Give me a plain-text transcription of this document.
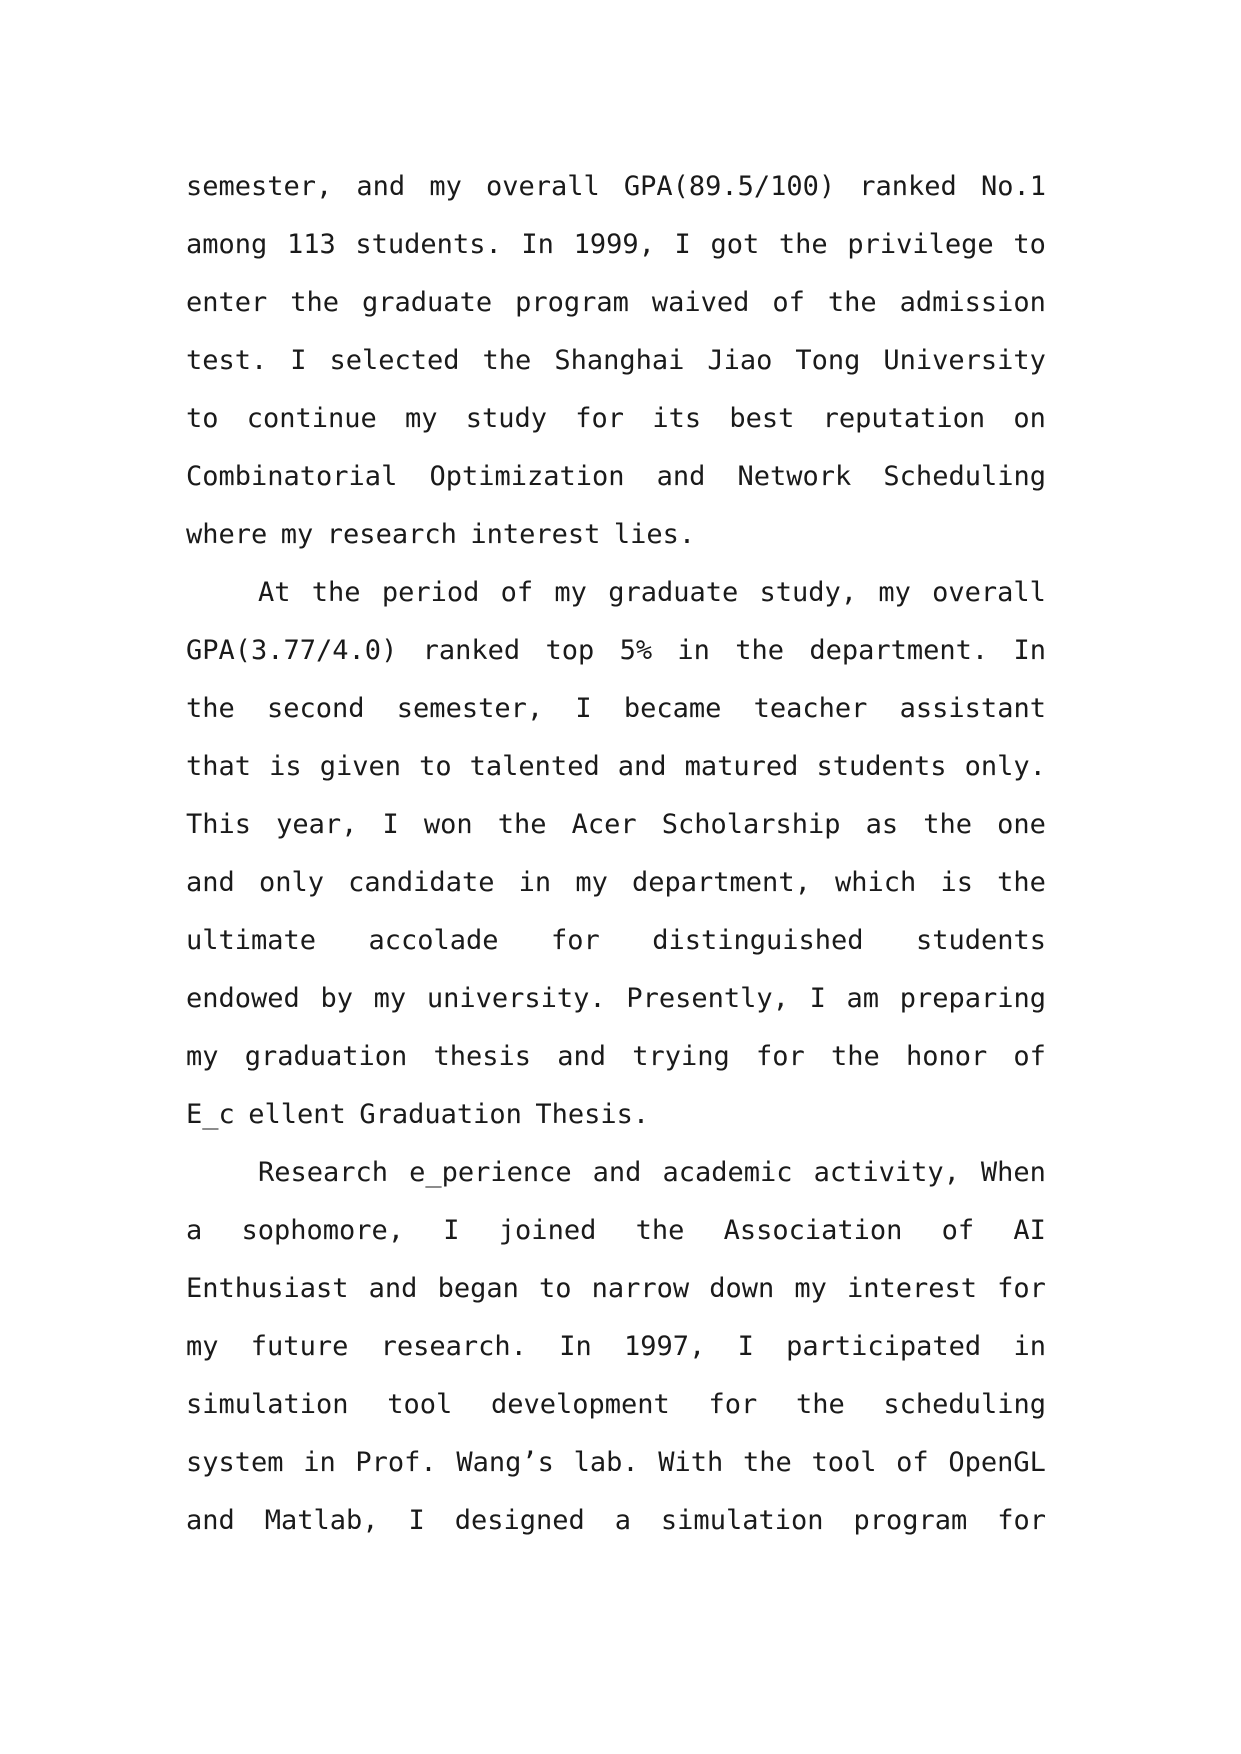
semester, and my overall GPA(89.5/100) ranked No.1
among 113 students. In 1999, I got the privilege to
enter the graduate program waived of the admission
test. I selected the Shanghai Jiao Tong University
to continue my study for its best reputation on
Combinatorial Optimization and Network Scheduling
where my research interest lies.
At the period of my graduate study, my overall
GPA(3.77/4.0) ranked top 5% in the department. In
the second semester, I became teacher assistant
that is given to talented and matured students only.
This year, I won the Acer Scholarship as the one
and only candidate in my department, which is the
ultimate accolade for distinguished students
endowed by my university. Presently, I am preparing
my graduation thesis and trying for the honor of
E_c ellent Graduation Thesis.
Research e_perience and academic activity, When
a sophomore, I joined the Association of AI
Enthusiast and began to narrow down my interest for
my future research. In 1997, I participated in
simulation tool development for the scheduling
system in Prof. Wang’s lab. With the tool of OpenGL
and Matlab, I designed a simulation program for
